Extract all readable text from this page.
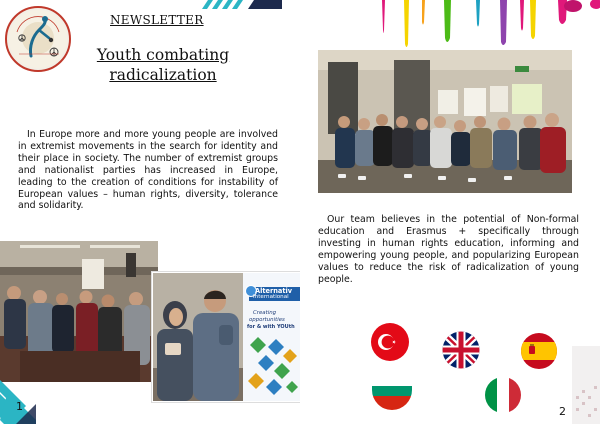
NEWSLETTER
Youth combating
radicalization
In Europe more and more young people are involved in extremist movements in the search for identity and their place in society. The number of extremist groups and nationalist parties has increased in Europe, leading to the creation of conditions for instability of European values – human rights, diversity, tolerance and solidarity.
Alternativ
International
Creating
opportunities
for & with YOUth
1
Our team believes in the potential of Non-formal education and Erasmus + specifically through investing in human rights education, informing and empowering young people, and popularizing European values to reduce the risk of radicalization of young people.
2
